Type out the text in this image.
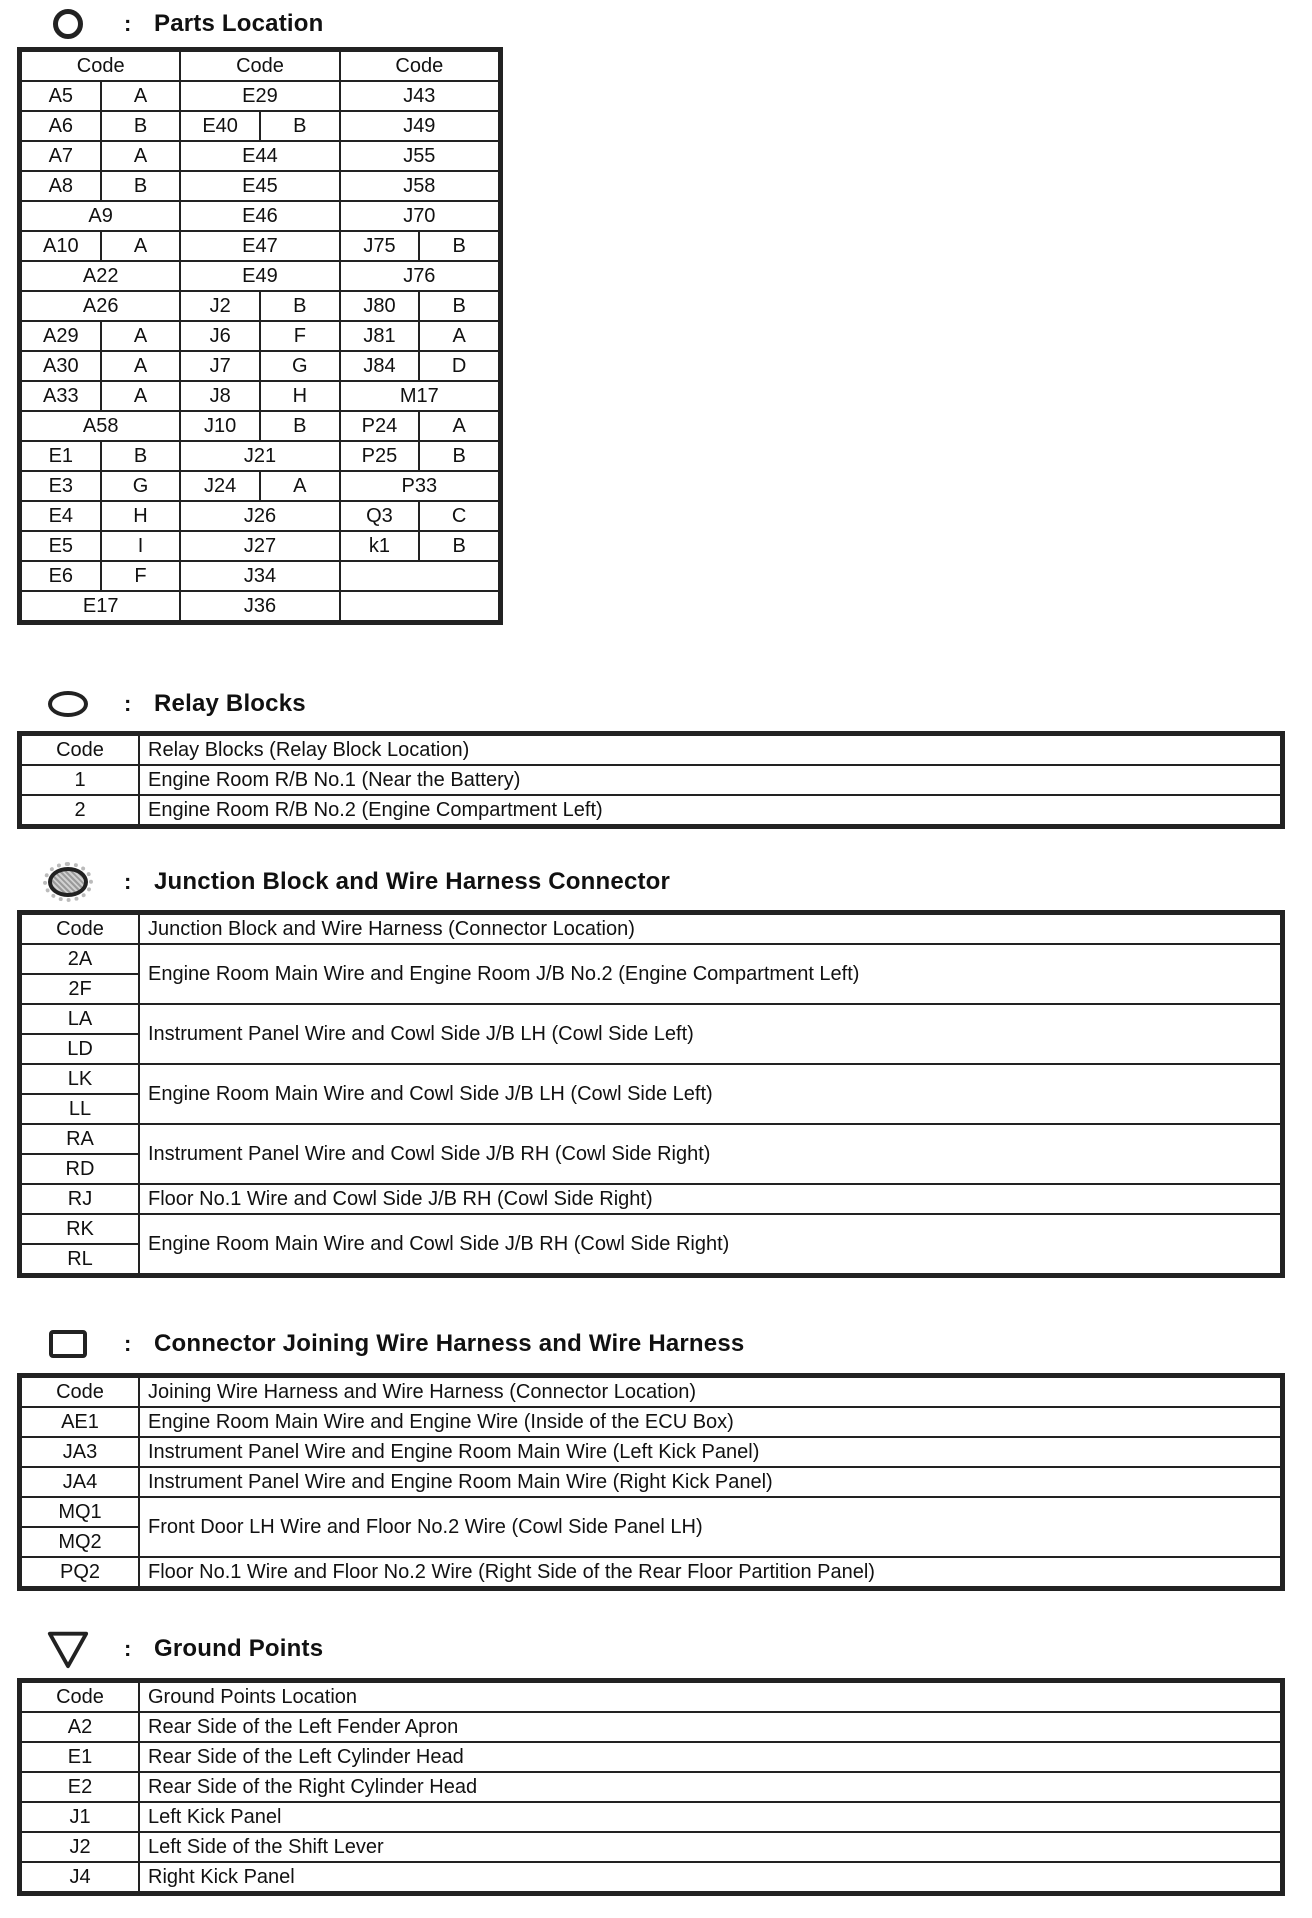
: Parts Location
Code		Code		Code	
A5	A	E29		J43	
A6	B	E40	B	J49	
A7	A	E44		J55	
A8	B	E45		J58	
A9		E46		J70	
A10	A	E47		J75	B
A22		E49		J76	
A26		J2	B	J80	B
A29	A	J6	F	J81	A
A30	A	J7	G	J84	D
A33	A	J8	H	M17	
A58		J10	B	P24	A
E1	B	J21		P25	B
E3	G	J24	A	P33	
E4	H	J26		Q3	C
E5	I	J27		k1	B
E6	F	J34			
E17		J36			
: Relay Blocks
Code	Relay Blocks (Relay Block Location)
1	Engine Room R/B No.1 (Near the Battery)
2	Engine Room R/B No.2 (Engine Compartment Left)
: Junction Block and Wire Harness Connector
Code	Junction Block and Wire Harness (Connector Location)
2A	Engine Room Main Wire and Engine Room J/B No.2 (Engine Compartment Left)
2F	
LA	Instrument Panel Wire and Cowl Side J/B LH (Cowl Side Left)
LD	
LK	Engine Room Main Wire and Cowl Side J/B LH (Cowl Side Left)
LL	
RA	Instrument Panel Wire and Cowl Side J/B RH (Cowl Side Right)
RD	
RJ	Floor No.1 Wire and Cowl Side J/B RH (Cowl Side Right)
RK	Engine Room Main Wire and Cowl Side J/B RH (Cowl Side Right)
RL	
: Connector Joining Wire Harness and Wire Harness
Code	Joining Wire Harness and Wire Harness (Connector Location)
AE1	Engine Room Main Wire and Engine Wire (Inside of the ECU Box)
JA3	Instrument Panel Wire and Engine Room Main Wire (Left Kick Panel)
JA4	Instrument Panel Wire and Engine Room Main Wire (Right Kick Panel)
MQ1	Front Door LH Wire and Floor No.2 Wire (Cowl Side Panel LH)
MQ2	
PQ2	Floor No.1 Wire and Floor No.2 Wire (Right Side of the Rear Floor Partition Panel)
: Ground Points
Code	Ground Points Location
A2	Rear Side of the Left Fender Apron
E1	Rear Side of the Left Cylinder Head
E2	Rear Side of the Right Cylinder Head
J1	Left Kick Panel
J2	Left Side of the Shift Lever
J4	Right Kick Panel
